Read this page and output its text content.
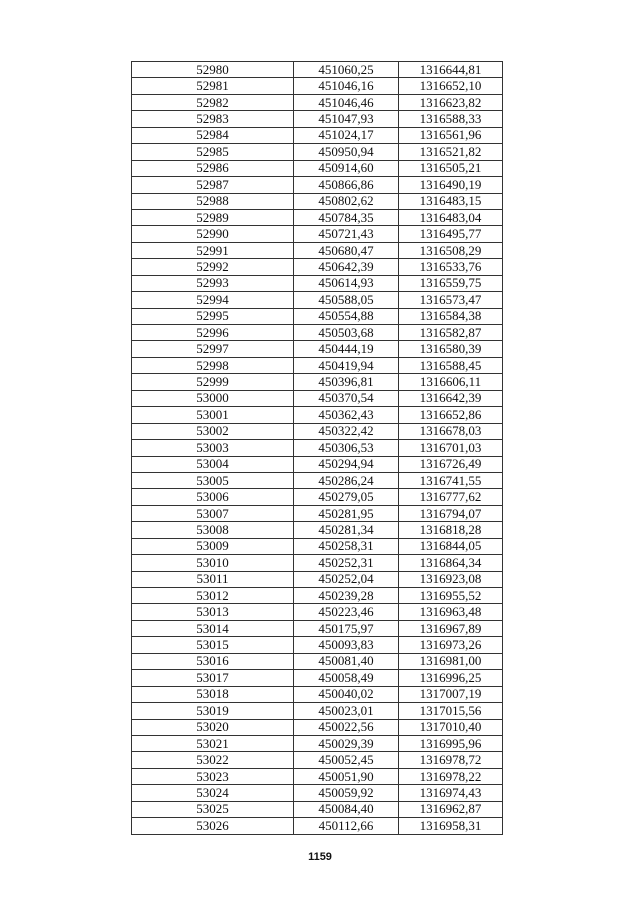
52980	451060,25	1316644,81
52981	451046,16	1316652,10
52982	451046,46	1316623,82
52983	451047,93	1316588,33
52984	451024,17	1316561,96
52985	450950,94	1316521,82
52986	450914,60	1316505,21
52987	450866,86	1316490,19
52988	450802,62	1316483,15
52989	450784,35	1316483,04
52990	450721,43	1316495,77
52991	450680,47	1316508,29
52992	450642,39	1316533,76
52993	450614,93	1316559,75
52994	450588,05	1316573,47
52995	450554,88	1316584,38
52996	450503,68	1316582,87
52997	450444,19	1316580,39
52998	450419,94	1316588,45
52999	450396,81	1316606,11
53000	450370,54	1316642,39
53001	450362,43	1316652,86
53002	450322,42	1316678,03
53003	450306,53	1316701,03
53004	450294,94	1316726,49
53005	450286,24	1316741,55
53006	450279,05	1316777,62
53007	450281,95	1316794,07
53008	450281,34	1316818,28
53009	450258,31	1316844,05
53010	450252,31	1316864,34
53011	450252,04	1316923,08
53012	450239,28	1316955,52
53013	450223,46	1316963,48
53014	450175,97	1316967,89
53015	450093,83	1316973,26
53016	450081,40	1316981,00
53017	450058,49	1316996,25
53018	450040,02	1317007,19
53019	450023,01	1317015,56
53020	450022,56	1317010,40
53021	450029,39	1316995,96
53022	450052,45	1316978,72
53023	450051,90	1316978,22
53024	450059,92	1316974,43
53025	450084,40	1316962,87
53026	450112,66	1316958,31
1159
